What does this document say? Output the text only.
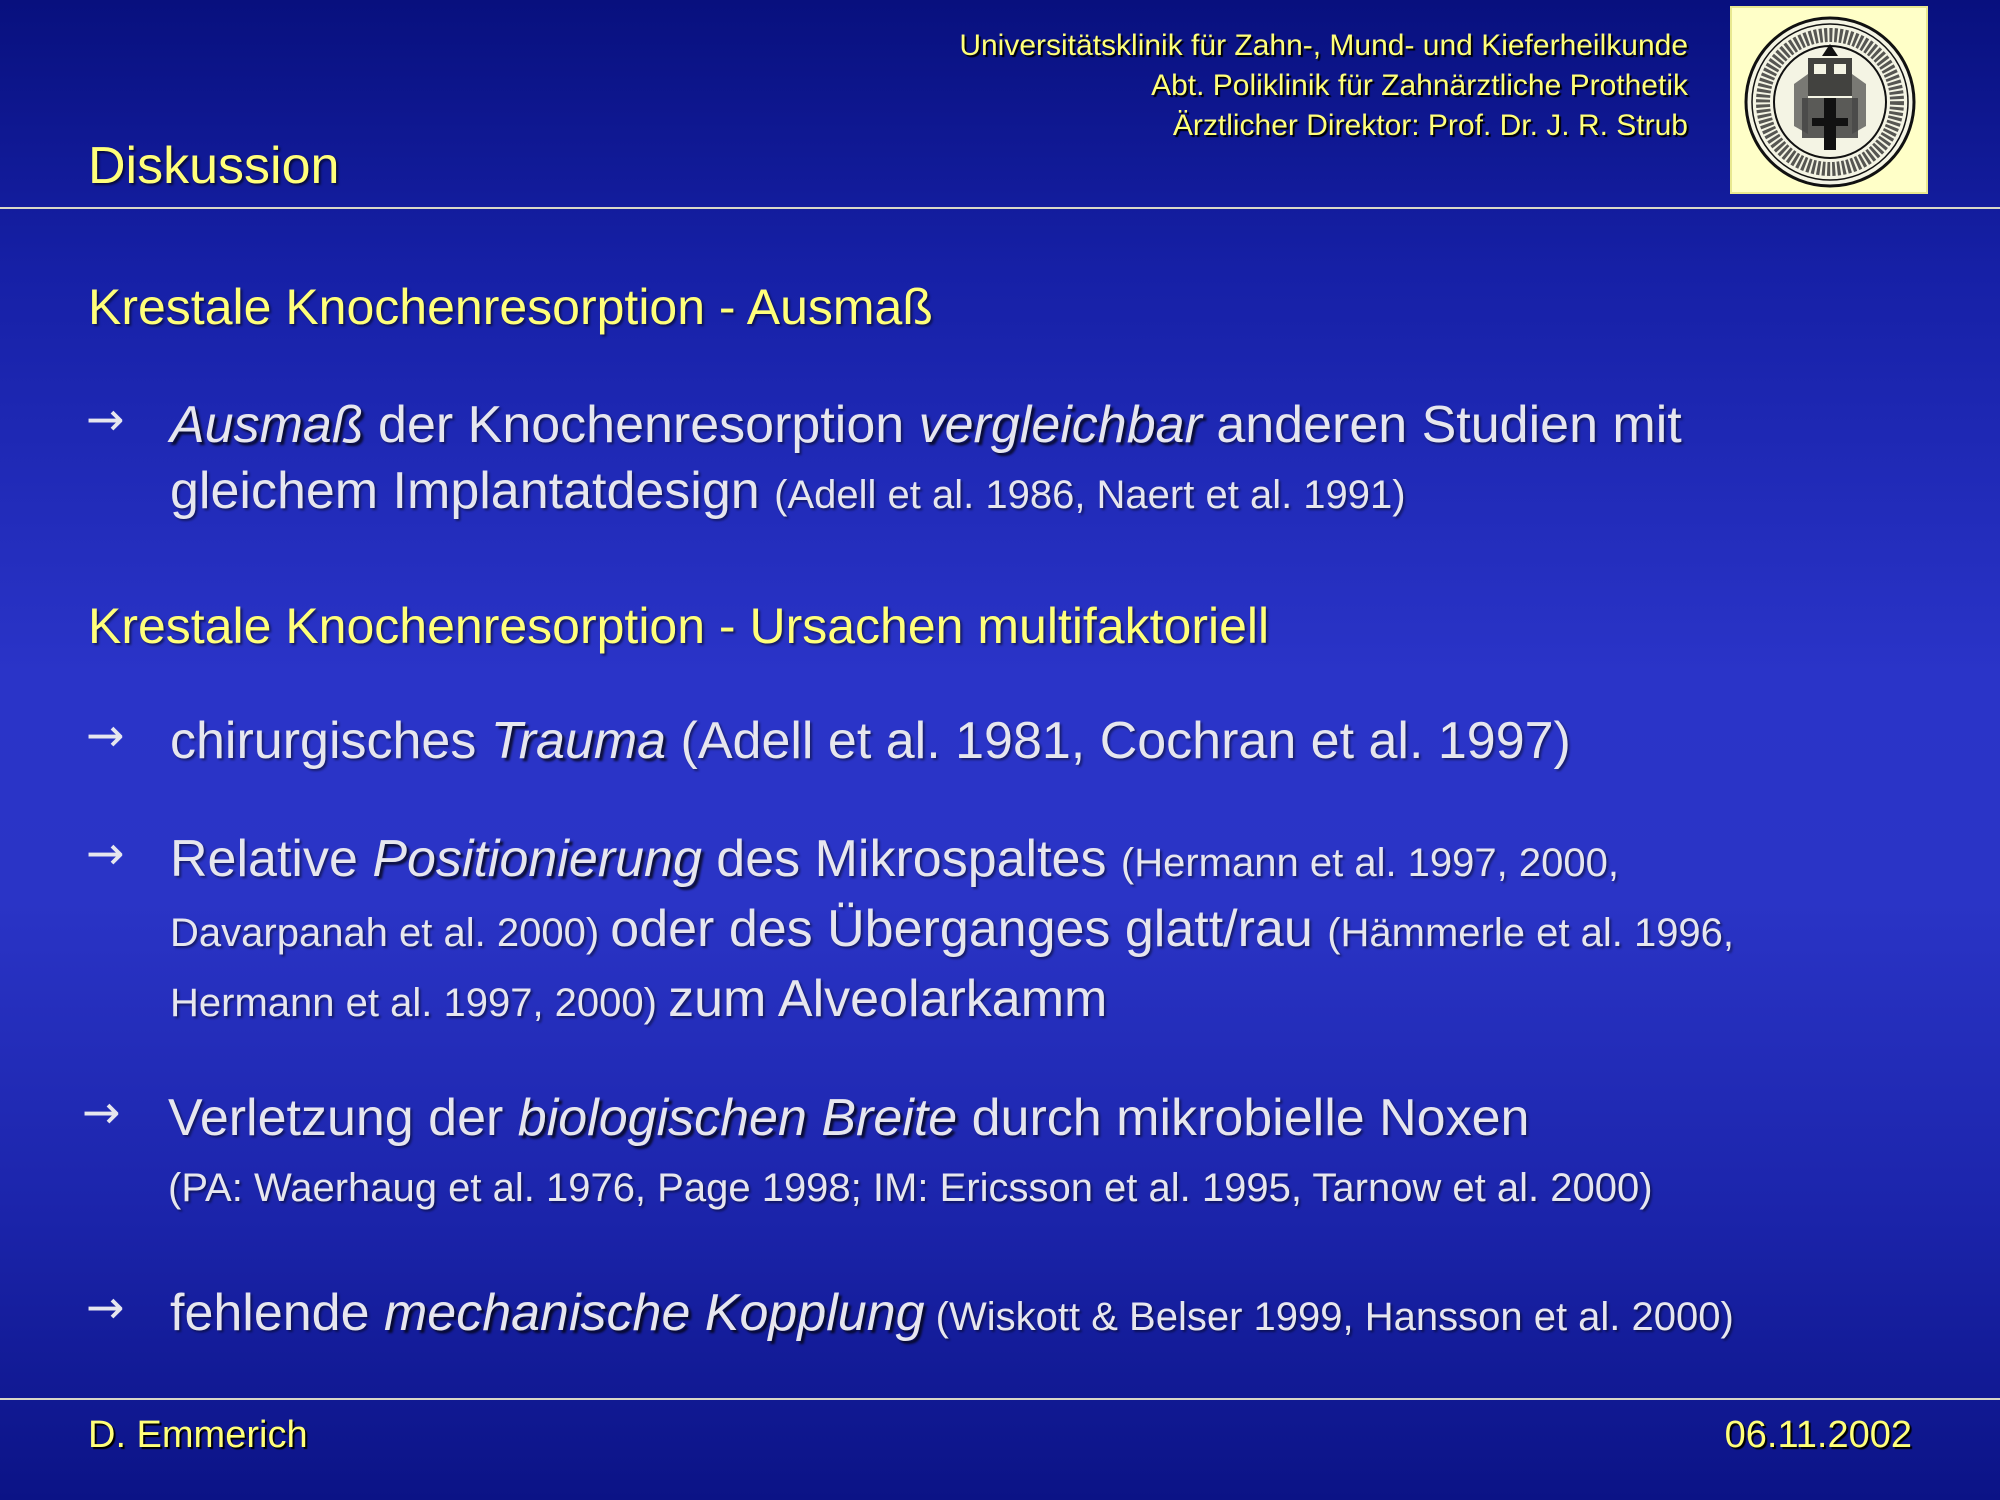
Universitätsklinik für Zahn-, Mund- und Kieferheilkunde
Abt. Poliklinik für Zahnärztliche Prothetik
Ärztlicher Direktor: Prof. Dr. J. R. Strub
Diskussion
Krestale Knochenresorption - Ausmaß
→ Ausmaß der Knochenresorption vergleichbar anderen Studien mit
gleichem Implantatdesign (Adell et al. 1986, Naert et al. 1991)
Krestale Knochenresorption - Ursachen multifaktoriell
→ chirurgisches Trauma (Adell et al. 1981, Cochran et al. 1997)
→ Relative Positionierung des Mikrospaltes (Hermann et al. 1997, 2000,
Davarpanah et al. 2000) oder des Überganges glatt/rau (Hämmerle et al. 1996,
Hermann et al. 1997, 2000) zum Alveolarkamm
→ Verletzung der biologischen Breite durch mikrobielle Noxen
(PA: Waerhaug et al. 1976, Page 1998; IM: Ericsson et al. 1995, Tarnow et al. 2000)
→ fehlende mechanische Kopplung (Wiskott & Belser 1999, Hansson et al. 2000)
D. Emmerich	06.11.2002
